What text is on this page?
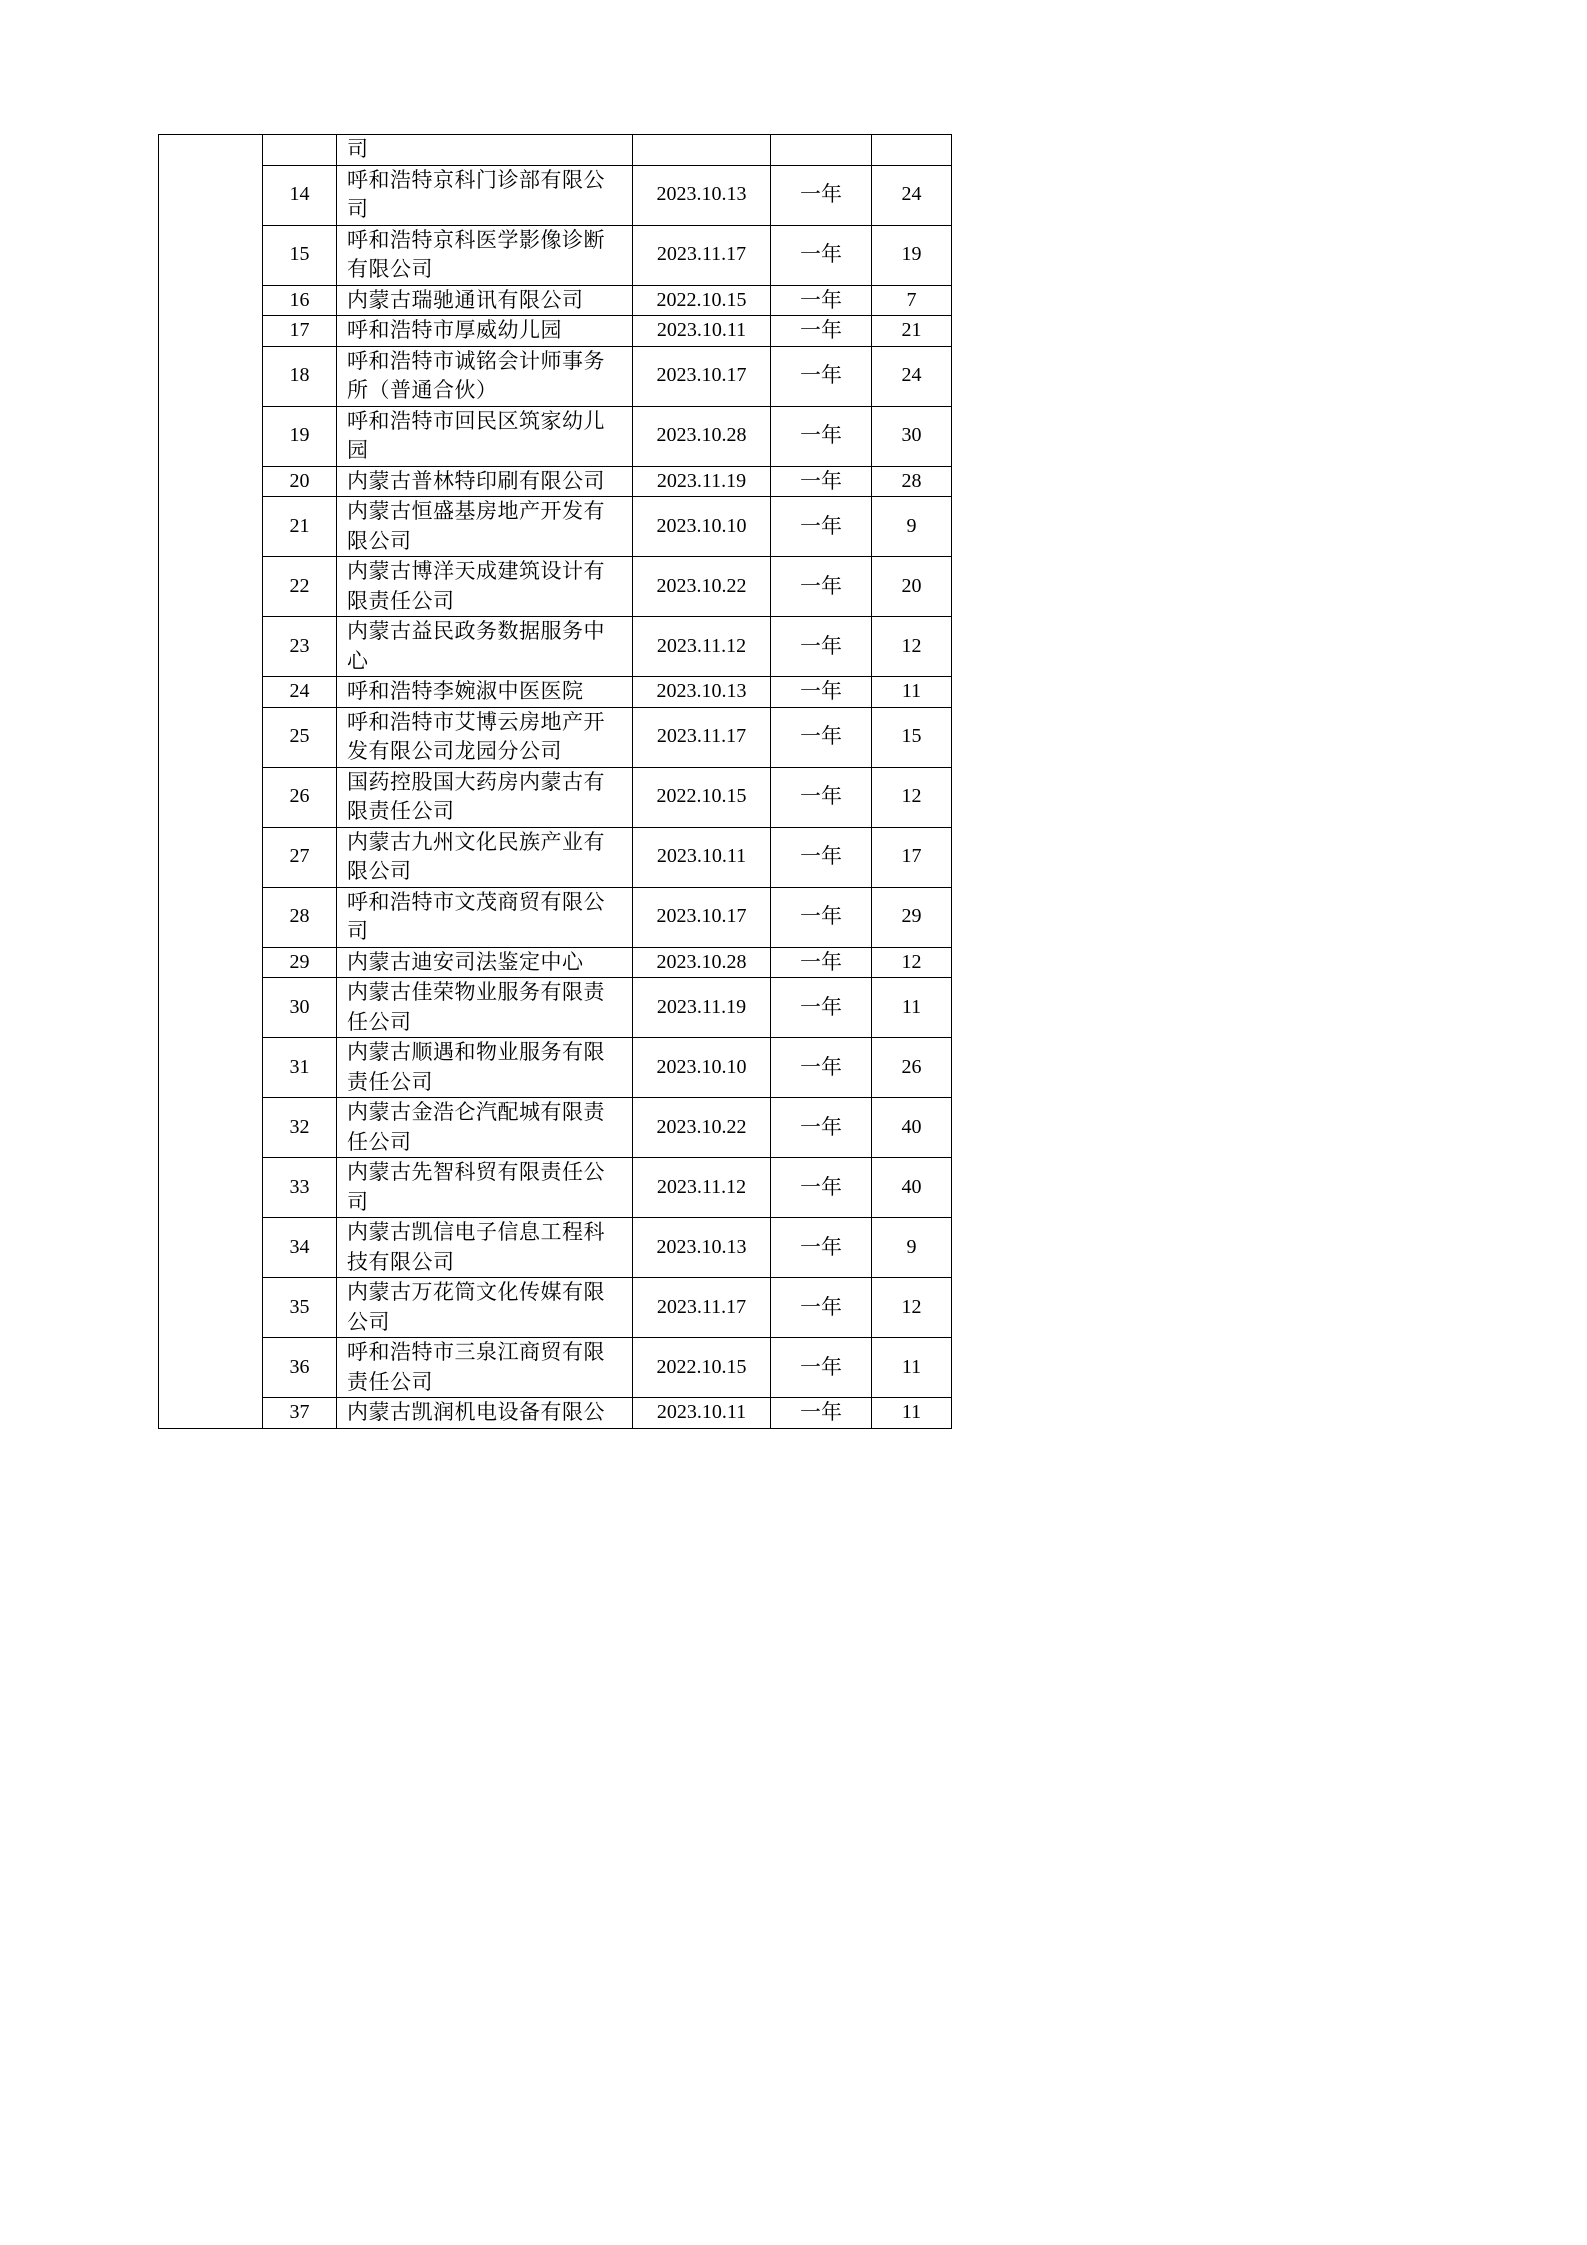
		司			
	14	呼和浩特京科门诊部有限公司	2023.10.13	一年	24
	15	呼和浩特京科医学影像诊断有限公司	2023.11.17	一年	19
	16	内蒙古瑞驰通讯有限公司	2022.10.15	一年	7
	17	呼和浩特市厚威幼儿园	2023.10.11	一年	21
	18	呼和浩特市诚铭会计师事务所（普通合伙）	2023.10.17	一年	24
	19	呼和浩特市回民区筑家幼儿园	2023.10.28	一年	30
	20	内蒙古普林特印刷有限公司	2023.11.19	一年	28
	21	内蒙古恒盛基房地产开发有限公司	2023.10.10	一年	9
	22	内蒙古博洋天成建筑设计有限责任公司	2023.10.22	一年	20
	23	内蒙古益民政务数据服务中心	2023.11.12	一年	12
	24	呼和浩特李婉淑中医医院	2023.10.13	一年	11
	25	呼和浩特市艾博云房地产开发有限公司龙园分公司	2023.11.17	一年	15
	26	国药控股国大药房内蒙古有限责任公司	2022.10.15	一年	12
	27	内蒙古九州文化民族产业有限公司	2023.10.11	一年	17
	28	呼和浩特市文茂商贸有限公司	2023.10.17	一年	29
	29	内蒙古迪安司法鉴定中心	2023.10.28	一年	12
	30	内蒙古佳荣物业服务有限责任公司	2023.11.19	一年	11
	31	内蒙古顺遇和物业服务有限责任公司	2023.10.10	一年	26
	32	内蒙古金浩仑汽配城有限责任公司	2023.10.22	一年	40
	33	内蒙古先智科贸有限责任公司	2023.11.12	一年	40
	34	内蒙古凯信电子信息工程科技有限公司	2023.10.13	一年	9
	35	内蒙古万花筒文化传媒有限公司	2023.11.17	一年	12
	36	呼和浩特市三泉江商贸有限责任公司	2022.10.15	一年	11
	37	内蒙古凯润机电设备有限公	2023.10.11	一年	11
